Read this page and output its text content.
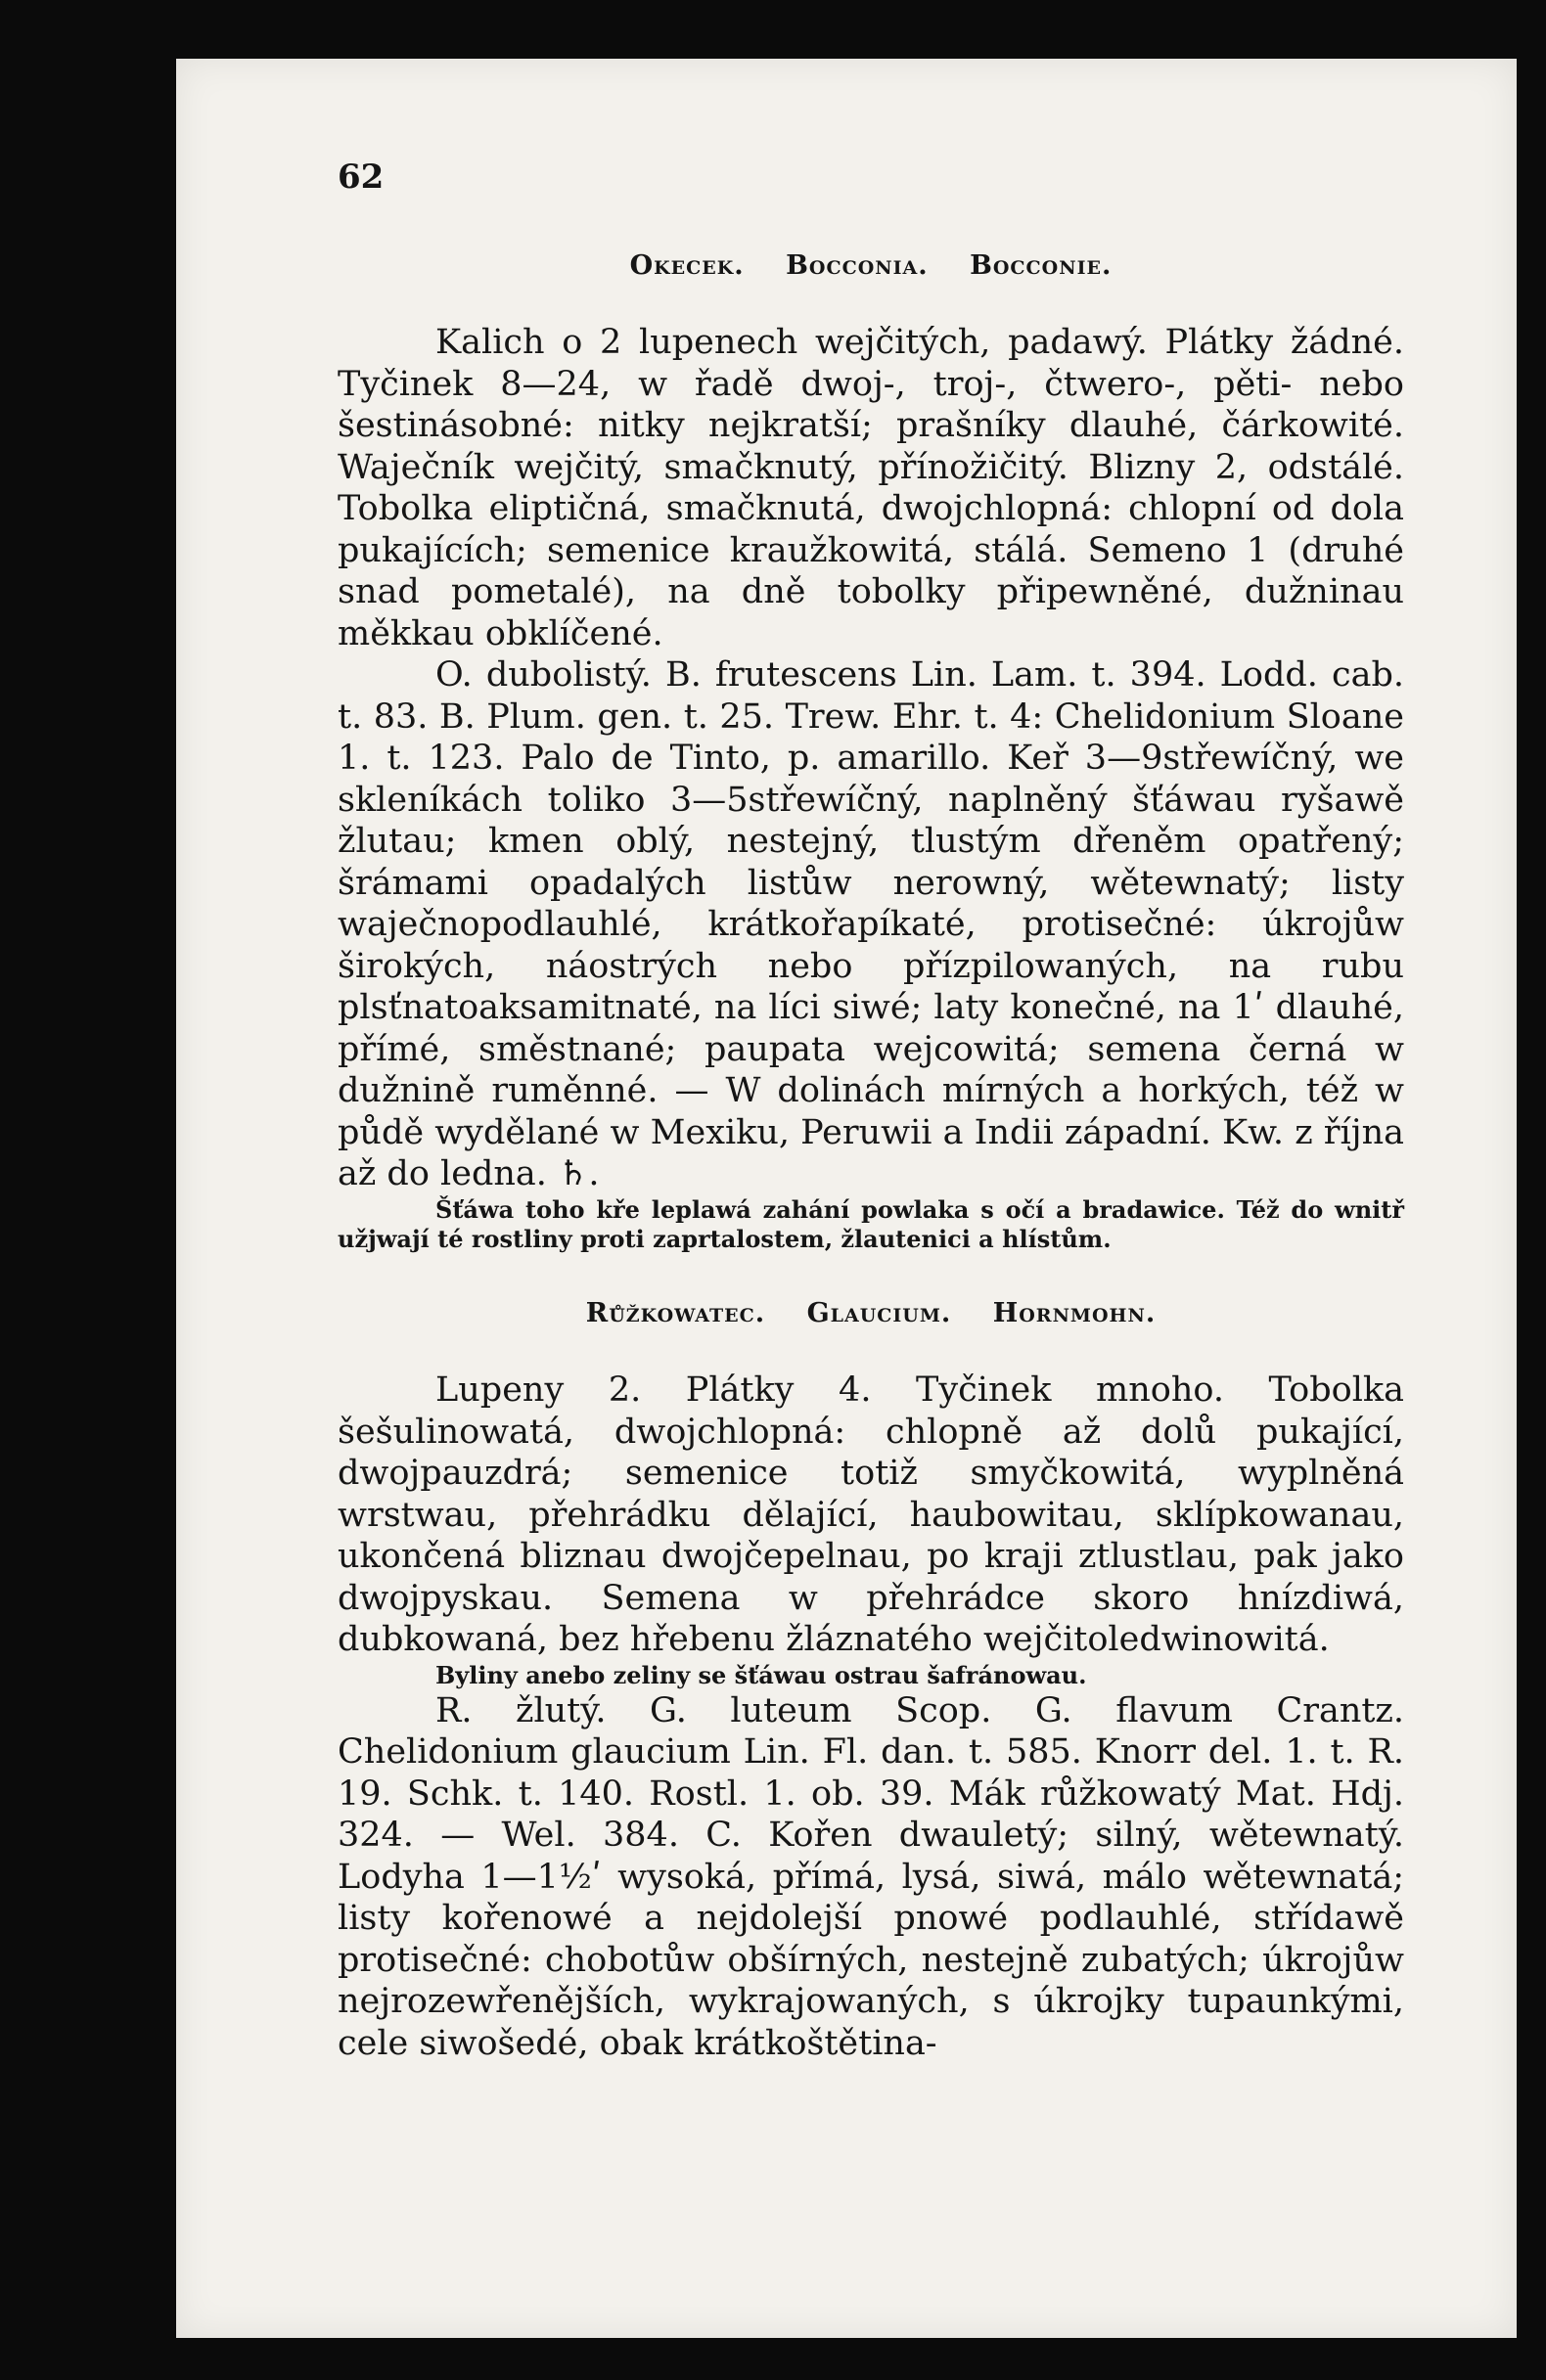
62
Okecek. Bocconia. Bocconie.

Kalich o 2 lupenech wejčitých, padawý. Plátky žádné. Tyčinek 8—24, w řadě dwoj-, troj-, čtwero-, pěti- nebo šestinásobné: nitky nejkratší; prašníky dlauhé, čárkowité. Waječník wejčitý, smačknutý, přínožičitý. Blizny 2, odstálé. Tobolka eliptičná, smačknutá, dwojchlopná: chlopní od dola pukajících; semenice kraužkowitá, stálá. Semeno 1 (druhé snad pometalé), na dně tobolky připewněné, dužninau měkkau obklíčené.

O. dubolistý. B. frutescens Lin. Lam. t. 394. Lodd. cab. t. 83. B. Plum. gen. t. 25. Trew. Ehr. t. 4: Chelidonium Sloane 1. t. 123. Palo de Tinto, p. amarillo. Keř 3—9střewíčný, we skleníkách toliko 3—5střewíčný, naplněný šťáwau ryšawě žlutau; kmen oblý, nestejný, tlustým dřeněm opatřený; šrámami opadalých listůw nerowný, wětewnatý; listy waječnopodlauhlé, krátkořapíkaté, protisečné: úkrojůw širokých, náostrých nebo přízpilowaných, na rubu plsťnatoaksamitnaté, na líci siwé; laty konečné, na 1ʹ dlauhé, přímé, směstnané; paupata wejcowitá; semena černá w dužnině ruměnné. — W dolinách mírných a horkých, též w půdě wydělané w Mexiku, Peruwii a Indii západní. Kw. z října až do ledna. ♄.

Šťáwa toho kře leplawá zahání powlaka s očí a bradawice. Též do wnitř užjwají té rostliny proti zaprtalostem, žlautenici a hlístům.

Růžkowatec. Glaucium. Hornmohn.

Lupeny 2. Plátky 4. Tyčinek mnoho. Tobolka šešulinowatá, dwojchlopná: chlopně až dolů pukající, dwojpauzdrá; semenice totiž smyčkowitá, wyplněná wrstwau, přehrádku dělající, haubowitau, sklípkowanau, ukončená bliznau dwojčepelnau, po kraji ztlustlau, pak jako dwojpyskau. Semena w přehrádce skoro hnízdiwá, dubkowaná, bez hřebenu žláznatého wejčitoledwinowitá.

Byliny anebo zeliny se šťáwau ostrau šafránowau.

R. žlutý. G. luteum Scop. G. flavum Crantz. Chelidonium glaucium Lin. Fl. dan. t. 585. Knorr del. 1. t. R. 19. Schk. t. 140. Rostl. 1. ob. 39. Mák růžkowatý Mat. Hdj. 324. — Wel. 384. C. Kořen dwauletý; silný, wětewnatý. Lodyha 1—1½ʹ wysoká, přímá, lysá, siwá, málo wětewnatá; listy kořenowé a nejdolejší pnowé podlauhlé, střídawě protisečné: chobotůw obšírných, nestejně zubatých; úkrojůw nejrozewřenějších, wykrajowaných, s úkrojky tupaunkými, cele siwošedé, obak krátkoštětina-
